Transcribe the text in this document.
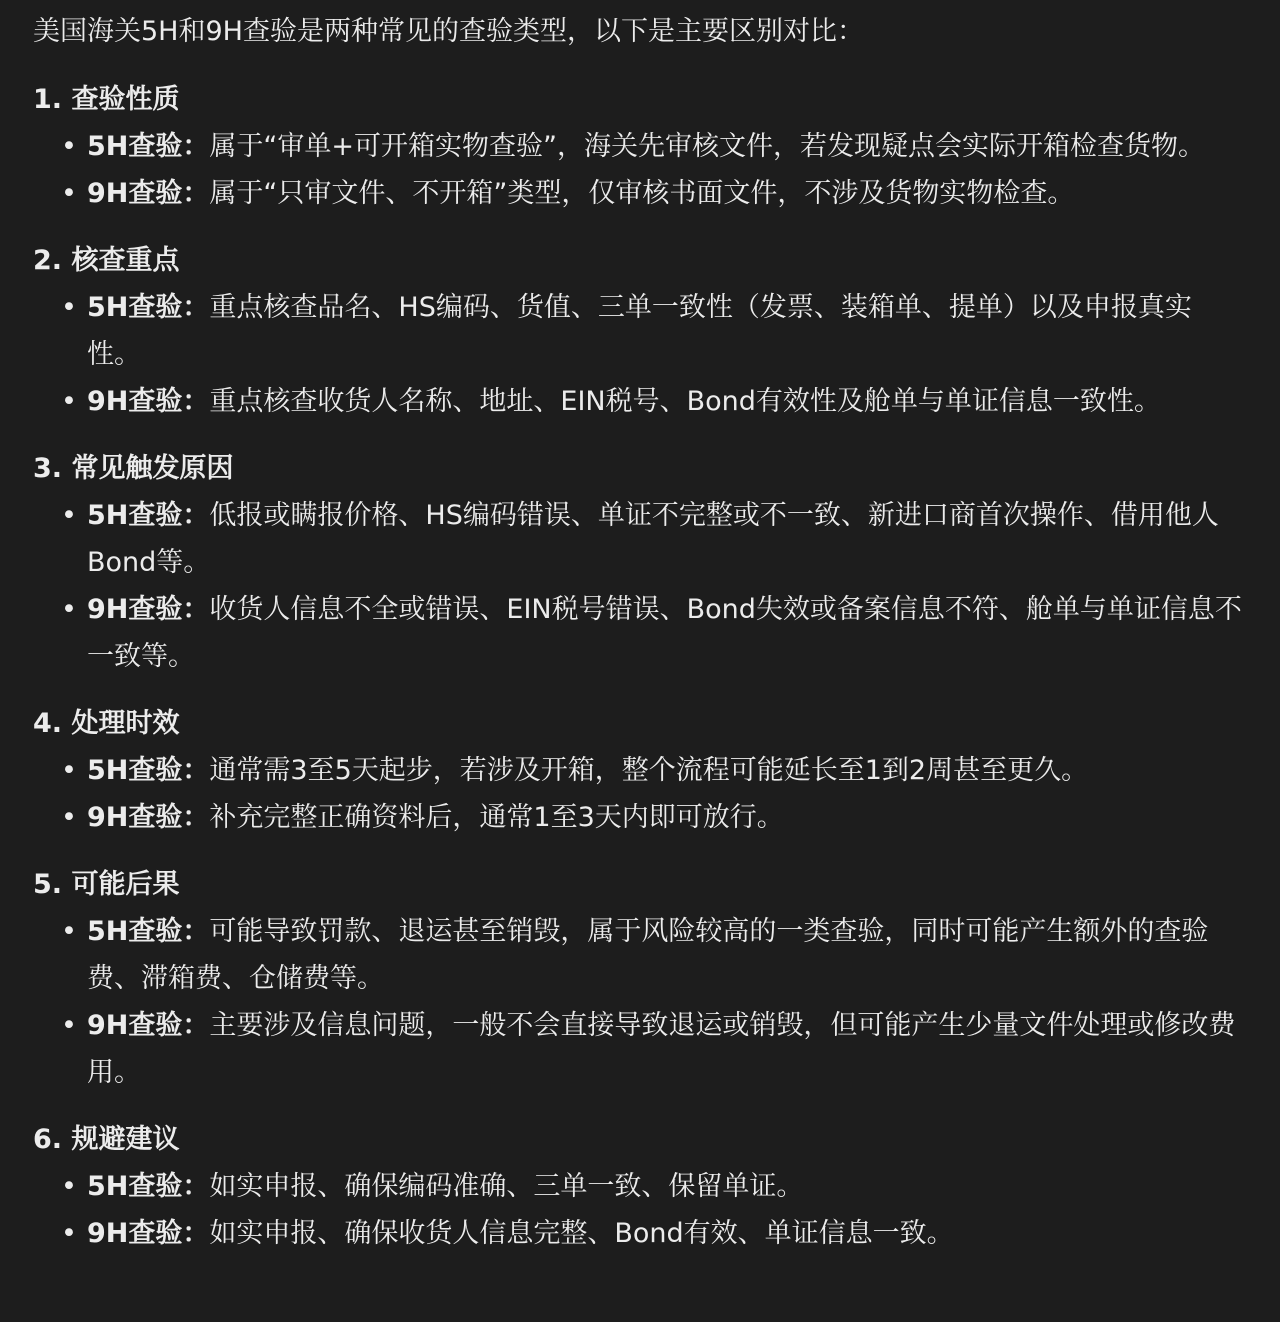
美国海关5H和9H查验是两种常见的查验类型，以下是主要区别对比：

1. 查验性质
• 5H查验：属于“审单+可开箱实物查验”，海关先审核文件，若发现疑点会实际开箱检查货物。
• 9H查验：属于“只审文件、不开箱”类型，仅审核书面文件，不涉及货物实物检查。
2. 核查重点
• 5H查验：重点核查品名、HS编码、货值、三单一致性（发票、装箱单、提单）以及申报真实性。
• 9H查验：重点核查收货人名称、地址、EIN税号、Bond有效性及舱单与单证信息一致性。
3. 常见触发原因
• 5H查验：低报或瞒报价格、HS编码错误、单证不完整或不一致、新进口商首次操作、借用他人Bond等。
• 9H查验：收货人信息不全或错误、EIN税号错误、Bond失效或备案信息不符、舱单与单证信息不一致等。
4. 处理时效
• 5H查验：通常需3至5天起步，若涉及开箱，整个流程可能延长至1到2周甚至更久。
• 9H查验：补充完整正确资料后，通常1至3天内即可放行。
5. 可能后果
• 5H查验：可能导致罚款、退运甚至销毁，属于风险较高的一类查验，同时可能产生额外的查验费、滞箱费、仓储费等。
• 9H查验：主要涉及信息问题，一般不会直接导致退运或销毁，但可能产生少量文件处理或修改费用。
6. 规避建议
• 5H查验：如实申报、确保编码准确、三单一致、保留单证。
• 9H查验：如实申报、确保收货人信息完整、Bond有效、单证信息一致。
